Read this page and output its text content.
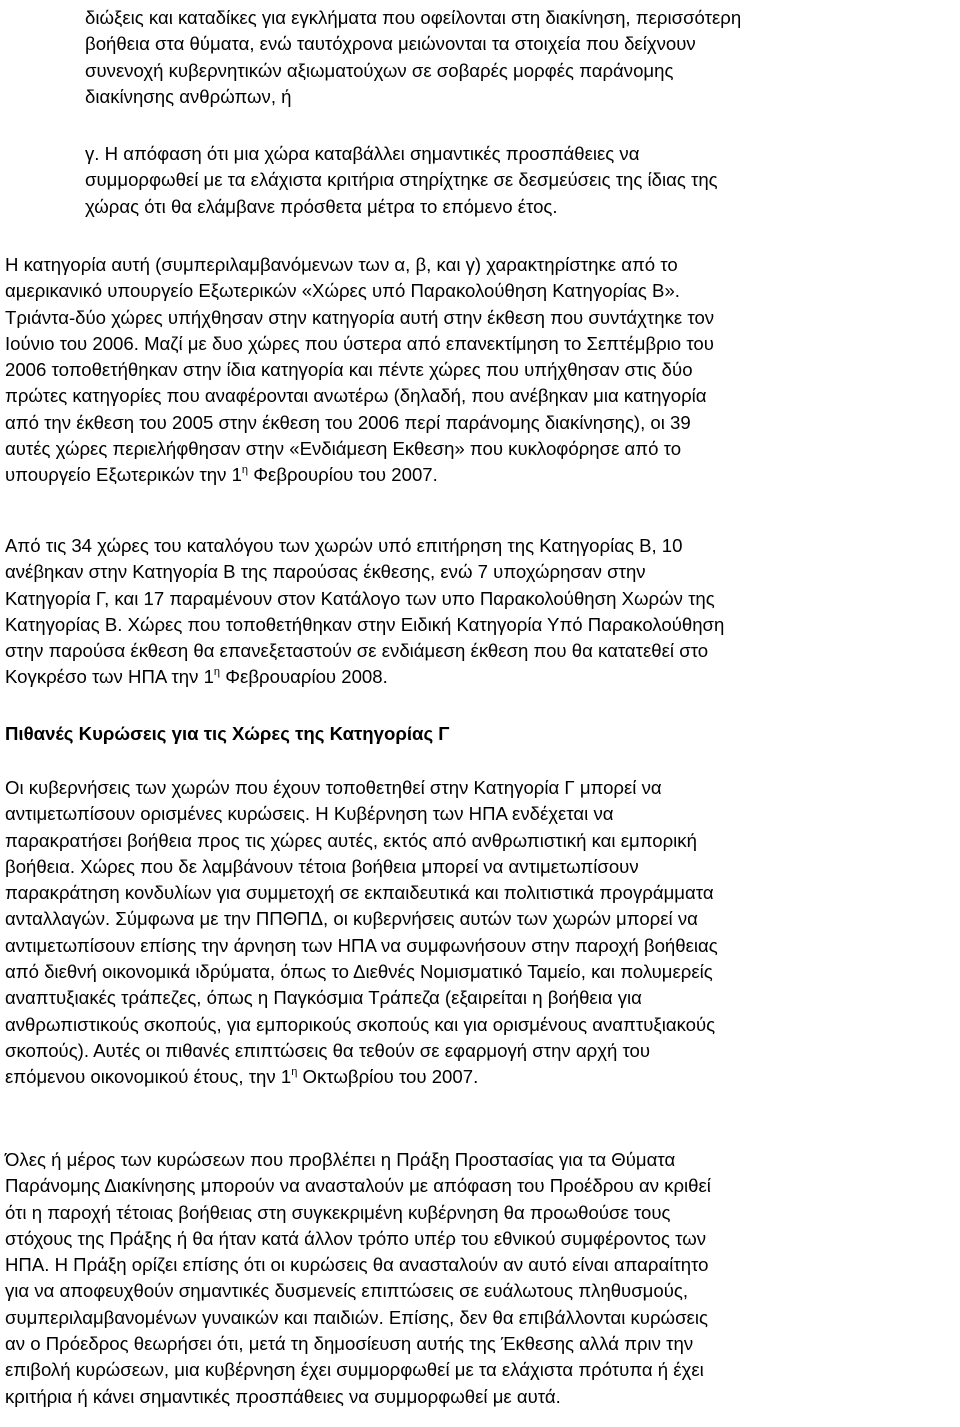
διώξεις και καταδίκες για εγκλήματα που οφείλονται στη διακίνηση, περισσότερη
βοήθεια στα θύματα, ενώ ταυτόχρονα μειώνονται τα στοιχεία που δείχνουν
συνενοχή κυβερνητικών αξιωματούχων σε σοβαρές μορφές παράνομης
διακίνησης ανθρώπων, ή
γ. Η απόφαση ότι μια χώρα καταβάλλει σημαντικές προσπάθειες να
συμμορφωθεί με τα ελάχιστα κριτήρια στηρίχτηκε σε δεσμεύσεις της ίδιας της
χώρας ότι θα ελάμβανε πρόσθετα μέτρα το επόμενο έτος.
Η κατηγορία αυτή (συμπεριλαμβανόμενων των α, β, και γ) χαρακτηρίστηκε από το
αμερικανικό υπουργείο Εξωτερικών «Χώρες υπό Παρακολούθηση Κατηγορίας Β».
Τριάντα-δύο χώρες υπήχθησαν στην κατηγορία αυτή στην έκθεση που συντάχτηκε τον
Ιούνιο του 2006. Μαζί με δυο χώρες που ύστερα από επανεκτίμηση το Σεπτέμβριο του
2006 τοποθετήθηκαν στην ίδια κατηγορία και πέντε χώρες που υπήχθησαν στις δύο
πρώτες κατηγορίες που αναφέρονται ανωτέρω (δηλαδή, που ανέβηκαν μια κατηγορία
από την έκθεση του 2005 στην έκθεση του 2006 περί παράνομης διακίνησης), οι 39
αυτές χώρες περιελήφθησαν στην «Ενδιάμεση Εκθεση» που κυκλοφόρησε από το
υπουργείο Εξωτερικών την $1^\eta$ Φεβρουρίου του 2007.
Από τις 34 χώρες του καταλόγου των χωρών υπό επιτήρηση της Κατηγορίας Β, 10
ανέβηκαν στην Κατηγορία Β της παρούσας έκθεσης, ενώ 7 υποχώρησαν στην
Κατηγορία Γ, και 17 παραμένουν στον Κατάλογο των υπο Παρακολούθηση Χωρών της
Κατηγορίας Β. Χώρες που τοποθετήθηκαν στην Ειδική Κατηγορία Υπό Παρακολούθηση
στην παρούσα έκθεση θα επανεξεταστούν σε ενδιάμεση έκθεση που θα κατατεθεί στο
Κογκρέσο των ΗΠΑ την $1^\eta$ Φεβρουαρίου 2008.
Πιθανές Κυρώσεις για τις Χώρες της Κατηγορίας Γ
Οι κυβερνήσεις των χωρών που έχουν τοποθετηθεί στην Κατηγορία Γ μπορεί να
αντιμετωπίσουν ορισμένες κυρώσεις. Η Κυβέρνηση των ΗΠΑ ενδέχεται να
παρακρατήσει βοήθεια προς τις χώρες αυτές, εκτός από ανθρωπιστική και εμπορική
βοήθεια. Χώρες που δε λαμβάνουν τέτοια βοήθεια μπορεί να αντιμετωπίσουν
παρακράτηση κονδυλίων για συμμετοχή σε εκπαιδευτικά και πολιτιστικά προγράμματα
ανταλλαγών. Σύμφωνα με την ΠΠΘΠΔ, οι κυβερνήσεις αυτών των χωρών μπορεί να
αντιμετωπίσουν επίσης την άρνηση των ΗΠΑ να συμφωνήσουν στην παροχή βοήθειας
από διεθνή οικονομικά ιδρύματα, όπως το Διεθνές Νομισματικό Ταμείο, και πολυμερείς
αναπτυξιακές τράπεζες, όπως η Παγκόσμια Τράπεζα (εξαιρείται η βοήθεια για
ανθρωπιστικούς σκοπούς, για εμπορικούς σκοπούς και για ορισμένους αναπτυξιακούς
σκοπούς). Αυτές οι πιθανές επιπτώσεις θα τεθούν σε εφαρμογή στην αρχή του
επόμενου οικονομικού έτους, την $1^\eta$ Οκτωβρίου του 2007.
Όλες ή μέρος των κυρώσεων που προβλέπει η Πράξη Προστασίας για τα Θύματα
Παράνομης Διακίνησης μπορούν να ανασταλούν με απόφαση του Προέδρου αν κριθεί
ότι η παροχή τέτοιας βοήθειας στη συγκεκριμένη κυβέρνηση θα προωθούσε τους
στόχους της Πράξης ή θα ήταν κατά άλλον τρόπο υπέρ του εθνικού συμφέροντος των
ΗΠΑ. Η Πράξη ορίζει επίσης ότι οι κυρώσεις θα ανασταλούν αν αυτό είναι απαραίτητο
για να αποφευχθούν σημαντικές δυσμενείς επιπτώσεις σε ευάλωτους πληθυσμούς,
συμπεριλαμβανομένων γυναικών και παιδιών. Επίσης, δεν θα επιβάλλονται κυρώσεις
αν ο Πρόεδρος θεωρήσει ότι, μετά τη δημοσίευση αυτής της Έκθεσης αλλά πριν την
επιβολή κυρώσεων, μια κυβέρνηση έχει συμμορφωθεί με τα ελάχιστα πρότυπα ή έχει
κριτήρια ή κάνει σημαντικές προσπάθειες να συμμορφωθεί με αυτά.
